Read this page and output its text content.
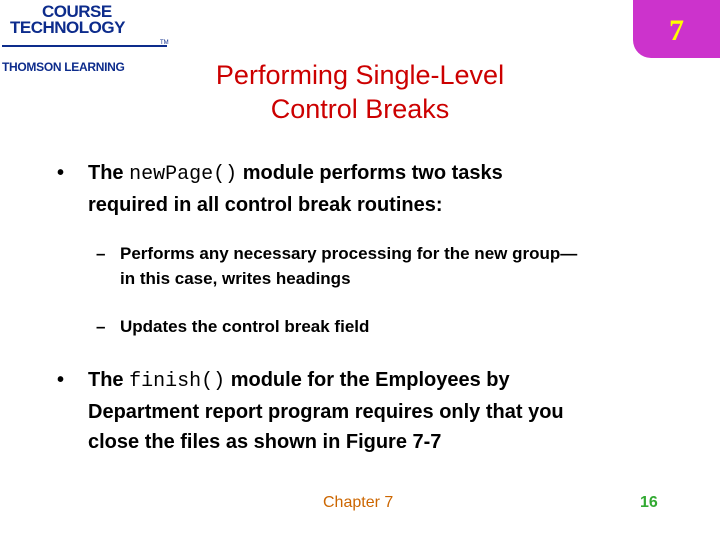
COURSE
TECHNOLOGY
TM
THOMSON LEARNING
7
Performing Single-Level
Control Breaks
• The newPage() module performs two tasks
required in all control break routines:
– Performs any necessary processing for the new group—
in this case, writes headings
– Updates the control break field
• The finish() module for the Employees by
Department report program requires only that you
close the files as shown in Figure 7-7
Chapter 7	16
